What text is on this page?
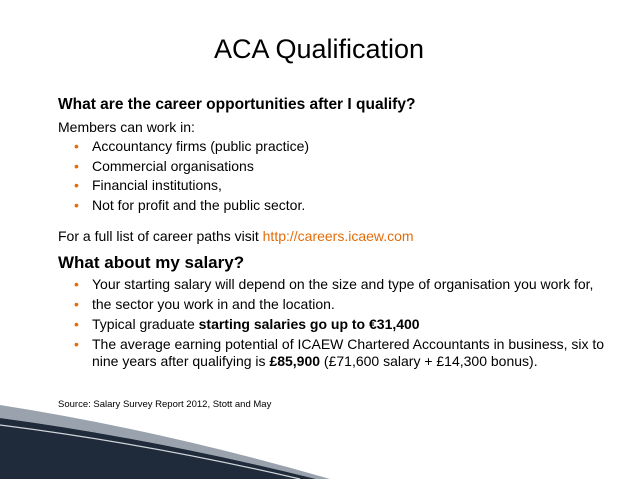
ACA Qualification
What are the career opportunities after I qualify?
Members can work in:
• Accountancy firms (public practice)
• Commercial organisations
• Financial institutions,
• Not for profit and the public sector.
For a full list of career paths visit http://careers.icaew.com
What about my salary?
• Your starting salary will depend on the size and type of organisation you work for,
• the sector you work in and the location.
• Typical graduate starting salaries go up to €31,400
• The average earning potential of ICAEW Chartered Accountants in business, six to nine years after qualifying is £85,900 (£71,600 salary + £14,300 bonus).
Source: Salary Survey Report 2012, Stott and May
